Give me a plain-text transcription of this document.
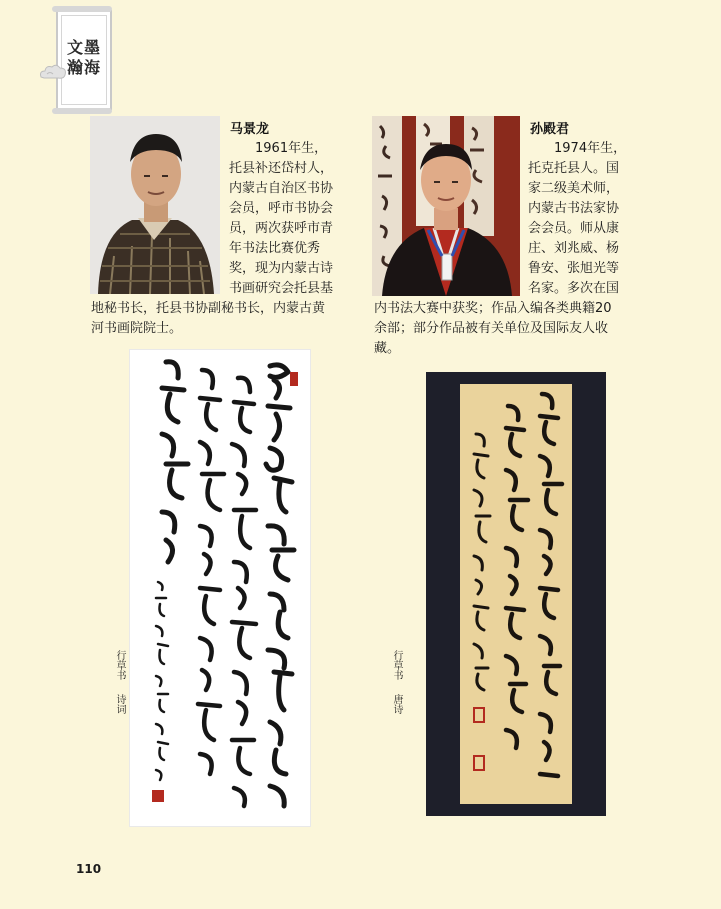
文墨瀚海
马景龙

1961年生，

托县补还岱村人，

内蒙古自治区书协

会员，呼市书协会

员，两次获呼市青

年书法比赛优秀

奖，现为内蒙古诗

书画研究会托县基

地秘书长，托县书协副秘书长，内蒙古黄

河书画院院士。

孙殿君

1974年生，

托克托县人。国

家二级美术师，

内蒙古书法家协

会会员。师从康

庄、刘兆威、杨

鲁安、张旭光等

名家。多次在国

内书法大赛中获奖；作品入编各类典籍20

余部；部分作品被有关单位及国际友人收

藏。

行草书
诗词
行草书
唐诗
110
